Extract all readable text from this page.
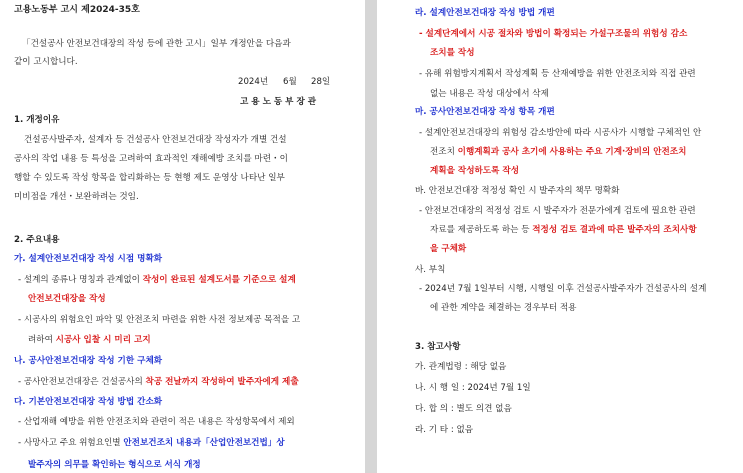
고용노동부 고시 제2024-35호
「건설공사 안전보건대장의 작성 등에 관한 고시」일부 개정안을 다음과
같이 고시합니다.
2024년 6월 28일
고 용 노 동 부 장 관
1. 개정이유
건설공사발주자, 설계자 등 건설공사 안전보건대장 작성자가 개별 건설
공사의 작업 내용 등 특성을 고려하여 효과적인 재해예방 조치를 마련・이
행할 수 있도록 작성 항목을 합리화하는 등 현행 제도 운영상 나타난 일부
미비점을 개선・보완하려는 것임.
2. 주요내용
가. 설계안전보건대장 작성 시점 명확화
- 설계의 종류나 명칭과 관계없이 작성이 완료된 설계도서를 기준으로 설계
안전보건대장을 작성
- 시공사의 위험요인 파악 및 안전조치 마련을 위한 사전 정보제공 목적을 고
려하여 시공사 입찰 시 미리 고지
나. 공사안전보건대장 작성 기한 구체화
- 공사안전보건대장은 건설공사의 착공 전날까지 작성하여 발주자에게 제출
다. 기본안전보건대장 작성 방법 간소화
- 산업재해 예방을 위한 안전조치와 관련이 적은 내용은 작성항목에서 제외
- 사망사고 주요 위험요인별 안전보건조치 내용과「산업안전보건법」상
발주자의 의무를 확인하는 형식으로 서식 개정
라. 설계안전보건대장 작성 방법 개편
- 설계단계에서 시공 절차와 방법이 확정되는 가설구조물의 위험성 감소
조치를 작성
- 유해 위험방지계획서 작성계획 등 산재예방을 위한 안전조치와 직접 관련
없는 내용은 작성 대상에서 삭제
마. 공사안전보건대장 작성 항목 개편
- 설계안전보건대장의 위험성 감소방안에 따라 시공사가 시행할 구체적인 안
전조치 이행계획과 공사 초기에 사용하는 주요 기계·장비의 안전조치
계획을 작성하도록 작성
바. 안전보건대장 적정성 확인 시 발주자의 책무 명확화
- 안전보건대장의 적정성 검토 시 발주자가 전문가에게 검토에 필요한 관련
자료를 제공하도록 하는 등 적정성 검토 결과에 따른 발주자의 조치사항
을 구체화
사. 부칙
- 2024년 7월 1일부터 시행, 시행일 이후 건설공사발주자가 건설공사의 설계
에 관한 계약을 체결하는 경우부터 적용
3. 참고사항
가. 관계법령 : 해당 없음
나. 시 행 일 : 2024년 7월 1일
다. 합 의 : 별도 의견 없음
라. 기 타 : 없음
